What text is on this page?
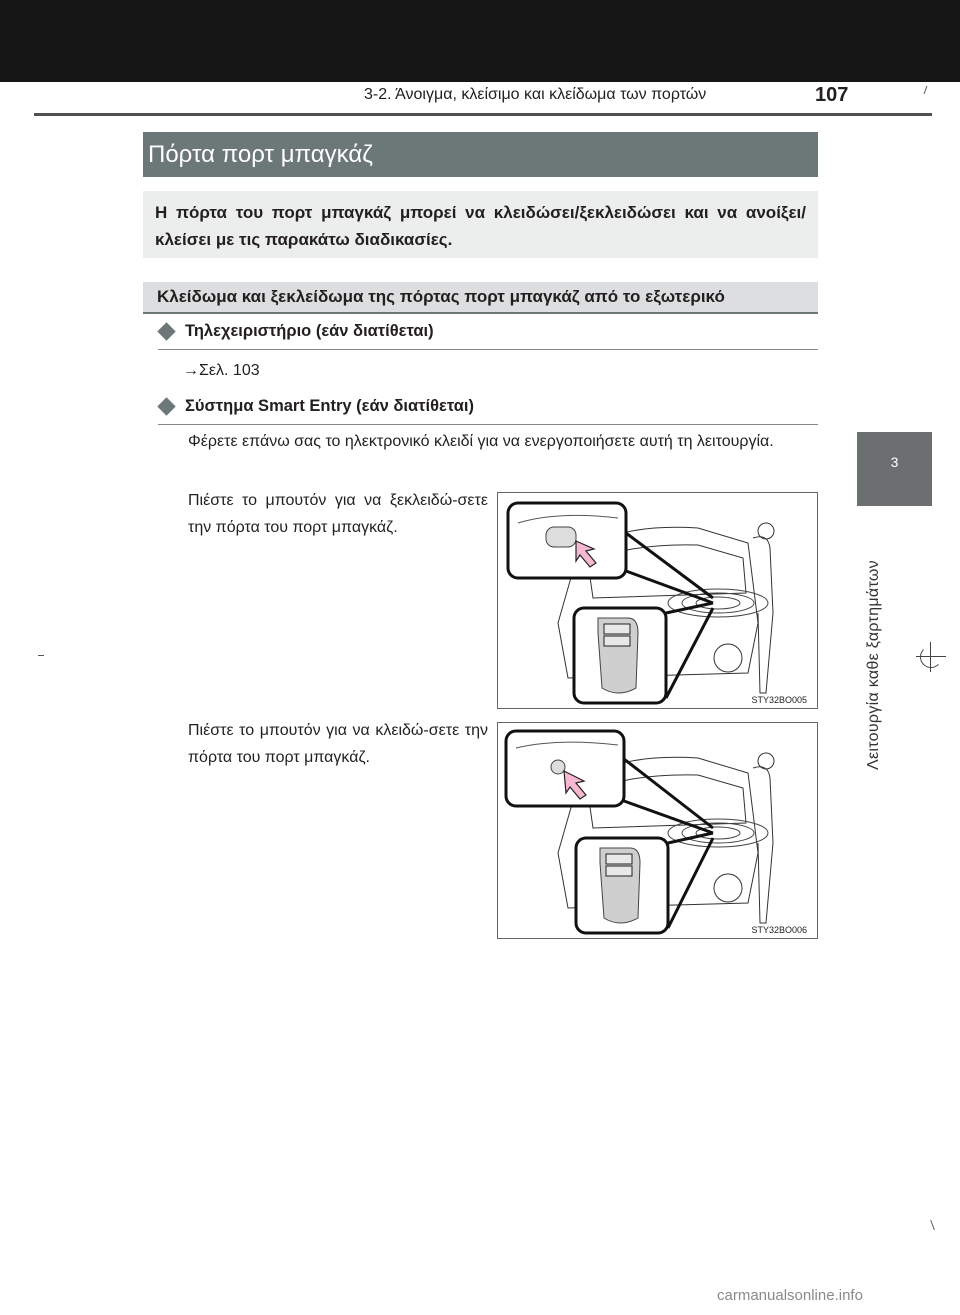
3-2. Άνοιγμα, κλείσιμο και κλείδωμα των πορτών	107
3
Λειτουργία καθε ξαρτημάτων
Πόρτα πορτ μπαγκάζ
Η πόρτα του πορτ μπαγκάζ μπορεί να κλειδώσει/ξεκλειδώσει και να ανοίξει/κλείσει με τις παρακάτω διαδικασίες.
Κλείδωμα και ξεκλείδωμα της πόρτας πορτ μπαγκάζ από το εξωτερικό
Τηλεχειριστήριο (εάν διατίθεται)
→Σελ. 103
Σύστημα Smart Entry (εάν διατίθεται)
Φέρετε επάνω σας το ηλεκτρονικό κλειδί για να ενεργοποιήσετε αυτή τη λειτουργία.
Πιέστε το μπουτόν για να ξεκλειδώ-σετε την πόρτα του πορτ μπαγκάζ.
Πιέστε το μπουτόν για να κλειδώ-σετε την πόρτα του πορτ μπαγκάζ.
STY32BO005
STY32BO006
carmanualsonline.info
